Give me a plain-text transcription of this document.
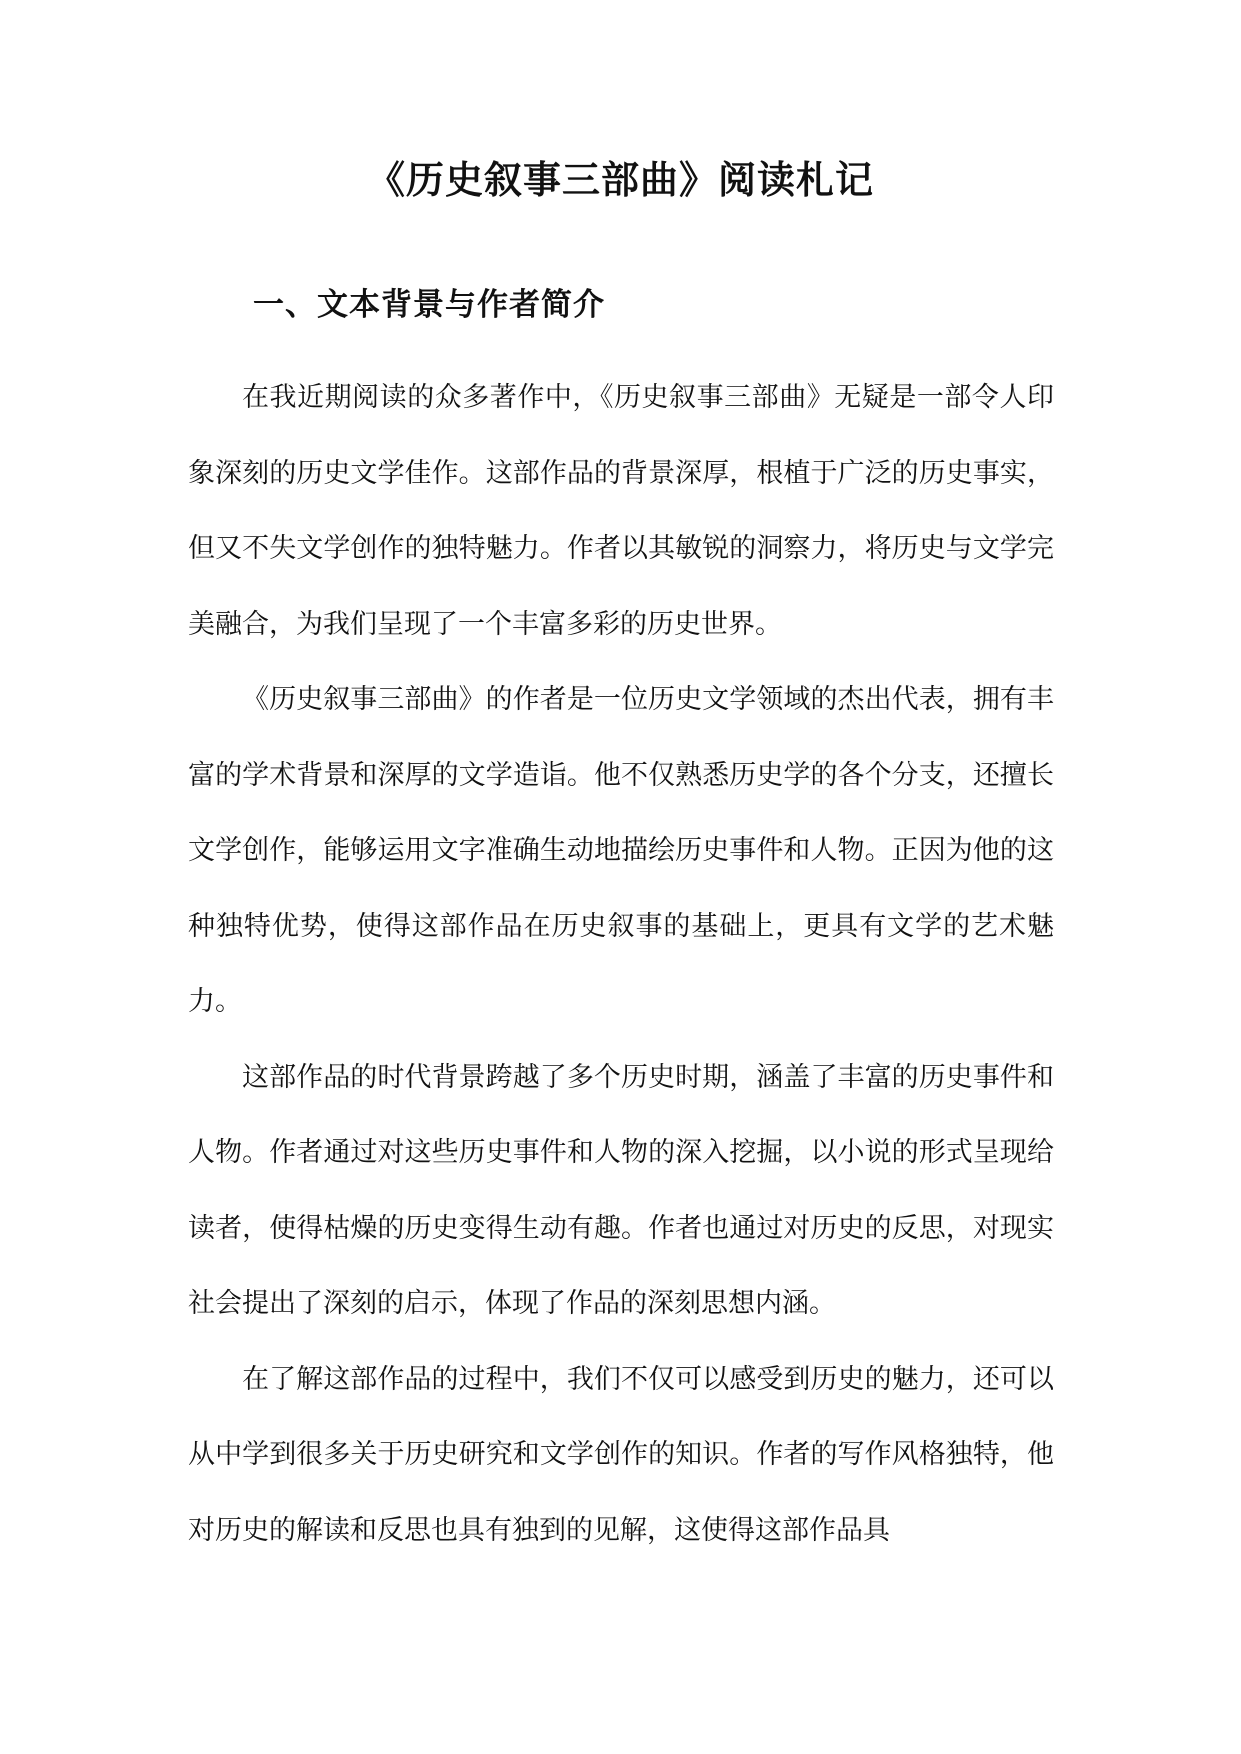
《历史叙事三部曲》阅读札记
一、文本背景与作者简介

在我近期阅读的众多著作中，《历史叙事三部曲》无疑是一部令人印象深刻的历史文学佳作。这部作品的背景深厚，根植于广泛的历史事实，但又不失文学创作的独特魅力。作者以其敏锐的洞察力，将历史与文学完美融合，为我们呈现了一个丰富多彩的历史世界。

《历史叙事三部曲》的作者是一位历史文学领域的杰出代表，拥有丰富的学术背景和深厚的文学造诣。他不仅熟悉历史学的各个分支，还擅长文学创作，能够运用文字准确生动地描绘历史事件和人物。正因为他的这种独特优势，使得这部作品在历史叙事的基础上，更具有文学的艺术魅力。

这部作品的时代背景跨越了多个历史时期，涵盖了丰富的历史事件和人物。作者通过对这些历史事件和人物的深入挖掘，以小说的形式呈现给读者，使得枯燥的历史变得生动有趣。作者也通过对历史的反思，对现实社会提出了深刻的启示，体现了作品的深刻思想内涵。

在了解这部作品的过程中，我们不仅可以感受到历史的魅力，还可以从中学到很多关于历史研究和文学创作的知识。作者的写作风格独特，他对历史的解读和反思也具有独到的见解，这使得这部作品具
